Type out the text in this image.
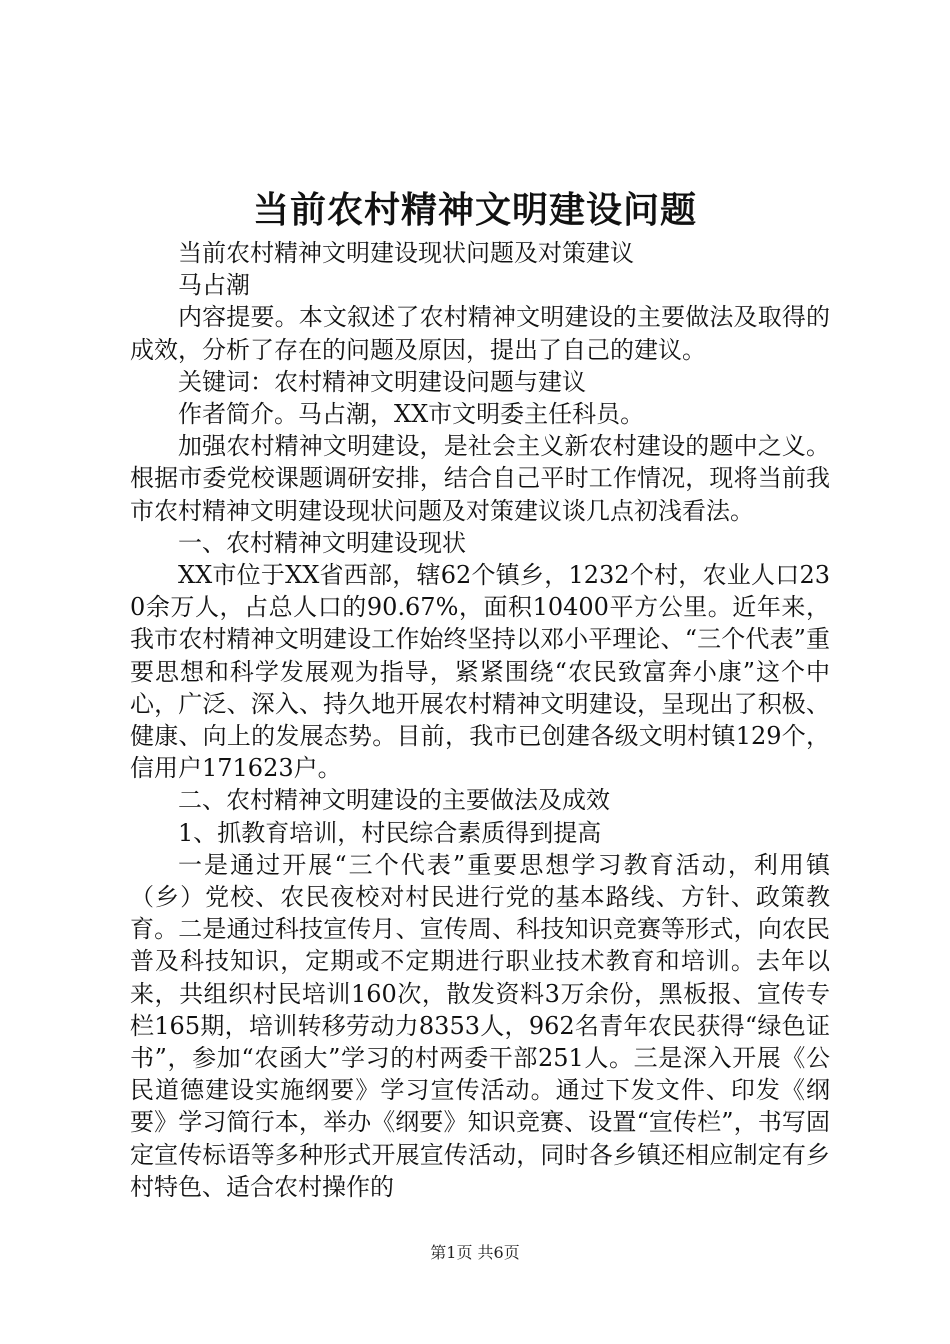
当前农村精神文明建设问题

当前农村精神文明建设现状问题及对策建议

马占潮

内容提要。本文叙述了农村精神文明建设的主要做法及取得的成效，分析了存在的问题及原因，提出了自己的建议。

关键词：农村精神文明建设问题与建议

作者简介。马占潮，XX市文明委主任科员。

加强农村精神文明建设，是社会主义新农村建设的题中之义。根据市委党校课题调研安排，结合自己平时工作情况，现将当前我市农村精神文明建设现状问题及对策建议谈几点初浅看法。

一、农村精神文明建设现状

XX市位于XX省西部，辖62个镇乡，1232个村，农业人口230余万人，占总人口的90.67%，面积10400平方公里。近年来，我市农村精神文明建设工作始终坚持以邓小平理论、“三个代表”重要思想和科学发展观为指导，紧紧围绕“农民致富奔小康”这个中心，广泛、深入、持久地开展农村精神文明建设，呈现出了积极、健康、向上的发展态势。目前，我市已创建各级文明村镇129个，信用户171623户。

二、农村精神文明建设的主要做法及成效

1、抓教育培训，村民综合素质得到提高

一是通过开展“三个代表”重要思想学习教育活动，利用镇（乡）党校、农民夜校对村民进行党的基本路线、方针、政策教育。二是通过科技宣传月、宣传周、科技知识竞赛等形式，向农民普及科技知识，定期或不定期进行职业技术教育和培训。去年以来，共组织村民培训160次，散发资料3万余份，黑板报、宣传专栏165期，培训转移劳动力8353人，962名青年农民获得“绿色证书”，参加“农函大”学习的村两委干部251人。三是深入开展《公民道德建设实施纲要》学习宣传活动。通过下发文件、印发《纲要》学习简行本，举办《纲要》知识竞赛、设置“宣传栏”，书写固定宣传标语等多种形式开展宣传活动，同时各乡镇还相应制定有乡村特色、适合农村操作的

第1页 共6页
